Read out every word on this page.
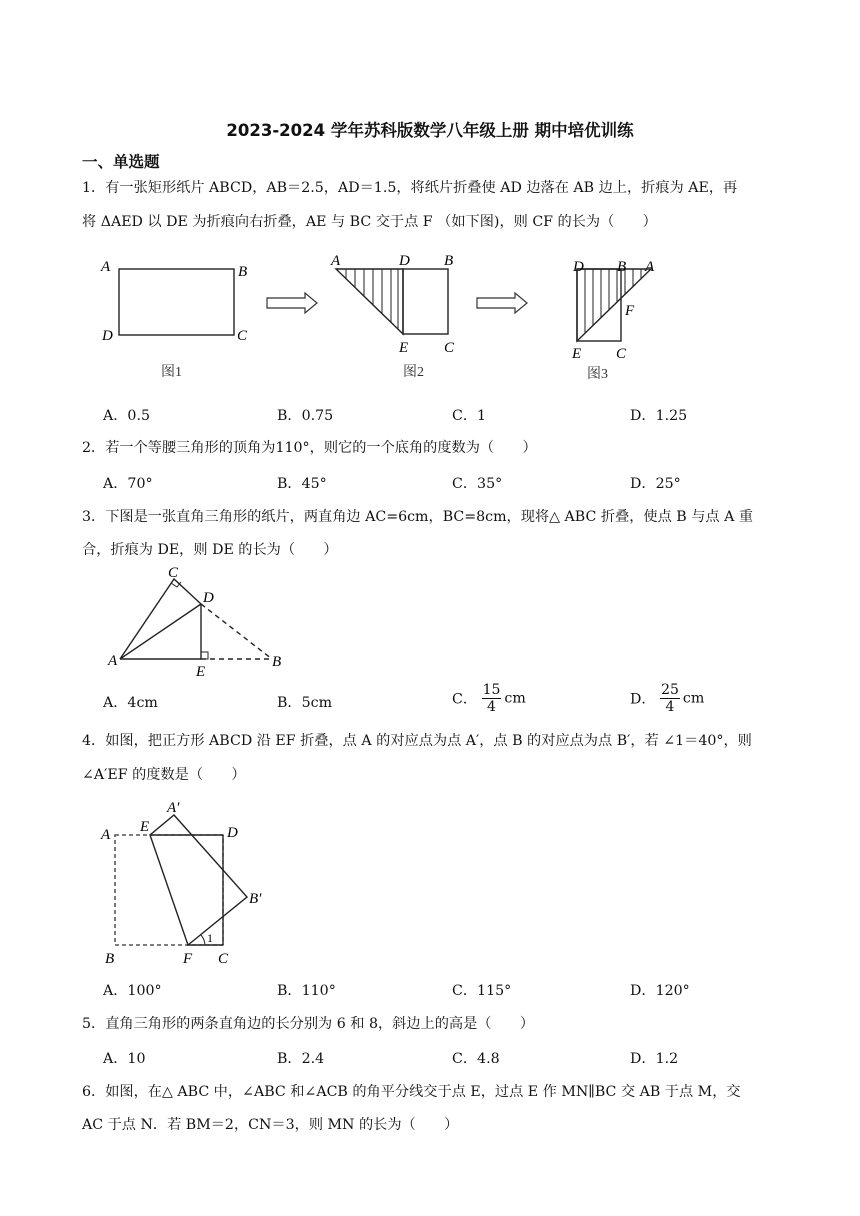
2023-2024 学年苏科版数学八年级上册 期中培优训练
一、单选题
1．有一张矩形纸片 ABCD，AB＝2.5，AD＝1.5，将纸片折叠使 AD 边落在 AB 边上，折痕为 AE，再
将 ΔAED 以 DE 为折痕向右折叠，AE 与 BC 交于点 F （如下图)，则 CF 的长为（　　）
A	B
D	C
图1
A	D B
E C
图2
D B A
F
E C
图3
A．0.5	B．0.75	C．1	D．1.25
2．若一个等腰三角形的顶角为110°，则它的一个底角的度数为（　　）
A．70°	B．45°	C．35°	D．25°
3．下图是一张直角三角形的纸片，两直角边 AC=6cm，BC=8cm，现将△ ABC 折叠，使点 B 与点 A 重
合，折痕为 DE，则 DE 的长为（　　）
C
D
A
E
B
A．4cm	B．5cm	C． $\frac{15}{4}$ cm	D． $\frac{25}{4}$ cm
4．如图，把正方形 ABCD 沿 EF 折叠，点 A 的对应点为点 A′，点 B 的对应点为点 B′，若 ∠1＝40°，则
∠A′EF 的度数是（　　）
A′
A E	D
B′
B	F C
1
A．100°	B．110°	C．115°	D．120°
5．直角三角形的两条直角边的长分别为 6 和 8，斜边上的高是（　　）
A．10	B．2.4	C．4.8	D．1.2
6．如图，在△ ABC 中，∠ABC 和∠ACB 的角平分线交于点 E，过点 E 作 MN∥BC 交 AB 于点 M，交
AC 于点 N．若 BM＝2，CN＝3，则 MN 的长为（　　）
